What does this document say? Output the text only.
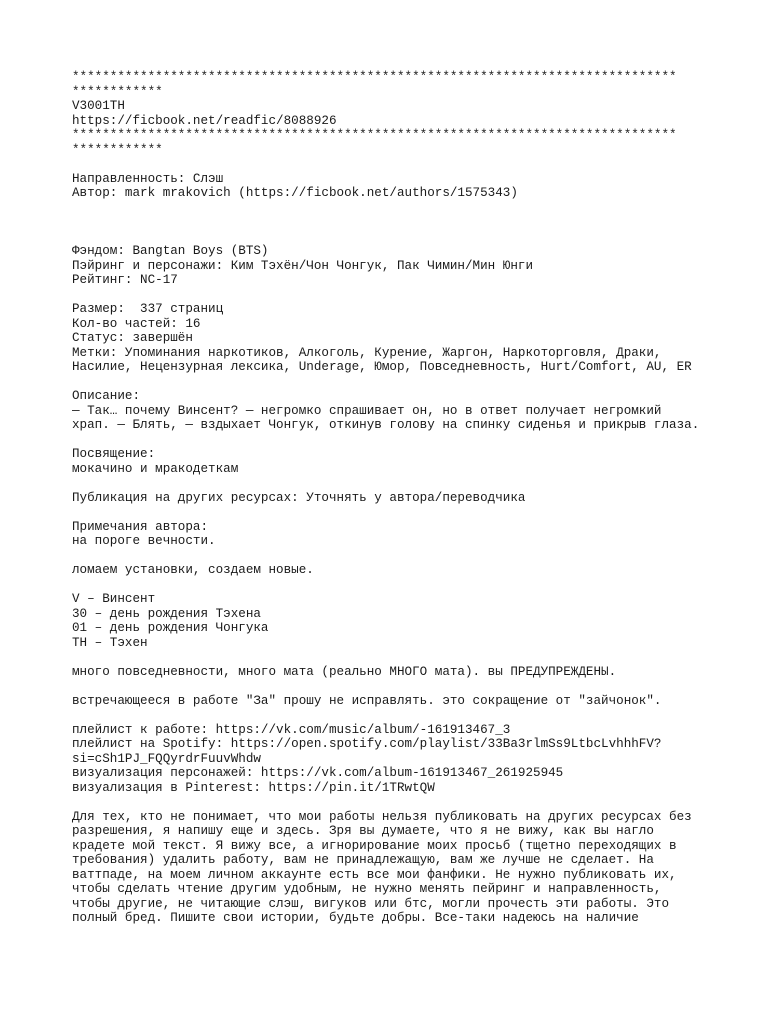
********************************************************************************
************
V3001TH
https://ficbook.net/readfic/8088926
********************************************************************************
************
Направленность: Слэш
Автор: mark mrakovich (https://ficbook.net/authors/1575343)
Фэндом: Bangtan Boys (BTS)
Пэйринг и персонажи: Ким Тэхён/Чон Чонгук, Пак Чимин/Мин Юнги
Рейтинг: NC-17
Размер:  337 страниц
Кол-во частей: 16
Статус: завершён
Метки: Упоминания наркотиков, Алкоголь, Курение, Жаргон, Наркоторговля, Драки,
Насилие, Нецензурная лексика, Underage, Юмор, Повседневность, Hurt/Comfort, AU, ER
Описание:
— Так… почему Винсент? — негромко спрашивает он, но в ответ получает негромкий
храп. — Блять, — вздыхает Чонгук, откинув голову на спинку сиденья и прикрыв глаза.
Посвящение:
мокачино и мракодеткам
Публикация на других ресурсах: Уточнять у автора/переводчика
Примечания автора:
на пороге вечности.
ломаем установки, создаем новые.
V – Винсент
30 – день рождения Тэхена
01 – день рождения Чонгука
TH – Тэхен
много повседневности, много мата (реально МНОГО мата). вы ПРЕДУПРЕЖДЕНЫ.
встречающееся в работе "За" прошу не исправлять. это сокращение от "зайчонок".
плейлист к работе: https://vk.com/music/album/-161913467_3
плейлист на Spotify: https://open.spotify.com/playlist/33Ba3rlmSs9LtbcLvhhhFV?
si=cSh1PJ_FQQyrdrFuuvWhdw
визуализация персонажей: https://vk.com/album-161913467_261925945
визуализация в Pinterest: https://pin.it/1TRwtQW
Для тех, кто не понимает, что мои работы нельзя публиковать на других ресурсах без
разрешения, я напишу еще и здесь. Зря вы думаете, что я не вижу, как вы нагло
крадете мой текст. Я вижу все, а игнорирование моих просьб (тщетно переходящих в
требования) удалить работу, вам не принадлежащую, вам же лучше не сделает. На
ваттпаде, на моем личном аккаунте есть все мои фанфики. Не нужно публиковать их,
чтобы сделать чтение другим удобным, не нужно менять пейринг и направленность,
чтобы другие, не читающие слэш, вигуков или бтс, могли прочесть эти работы. Это
полный бред. Пишите свои истории, будьте добры. Все-таки надеюсь на наличие
